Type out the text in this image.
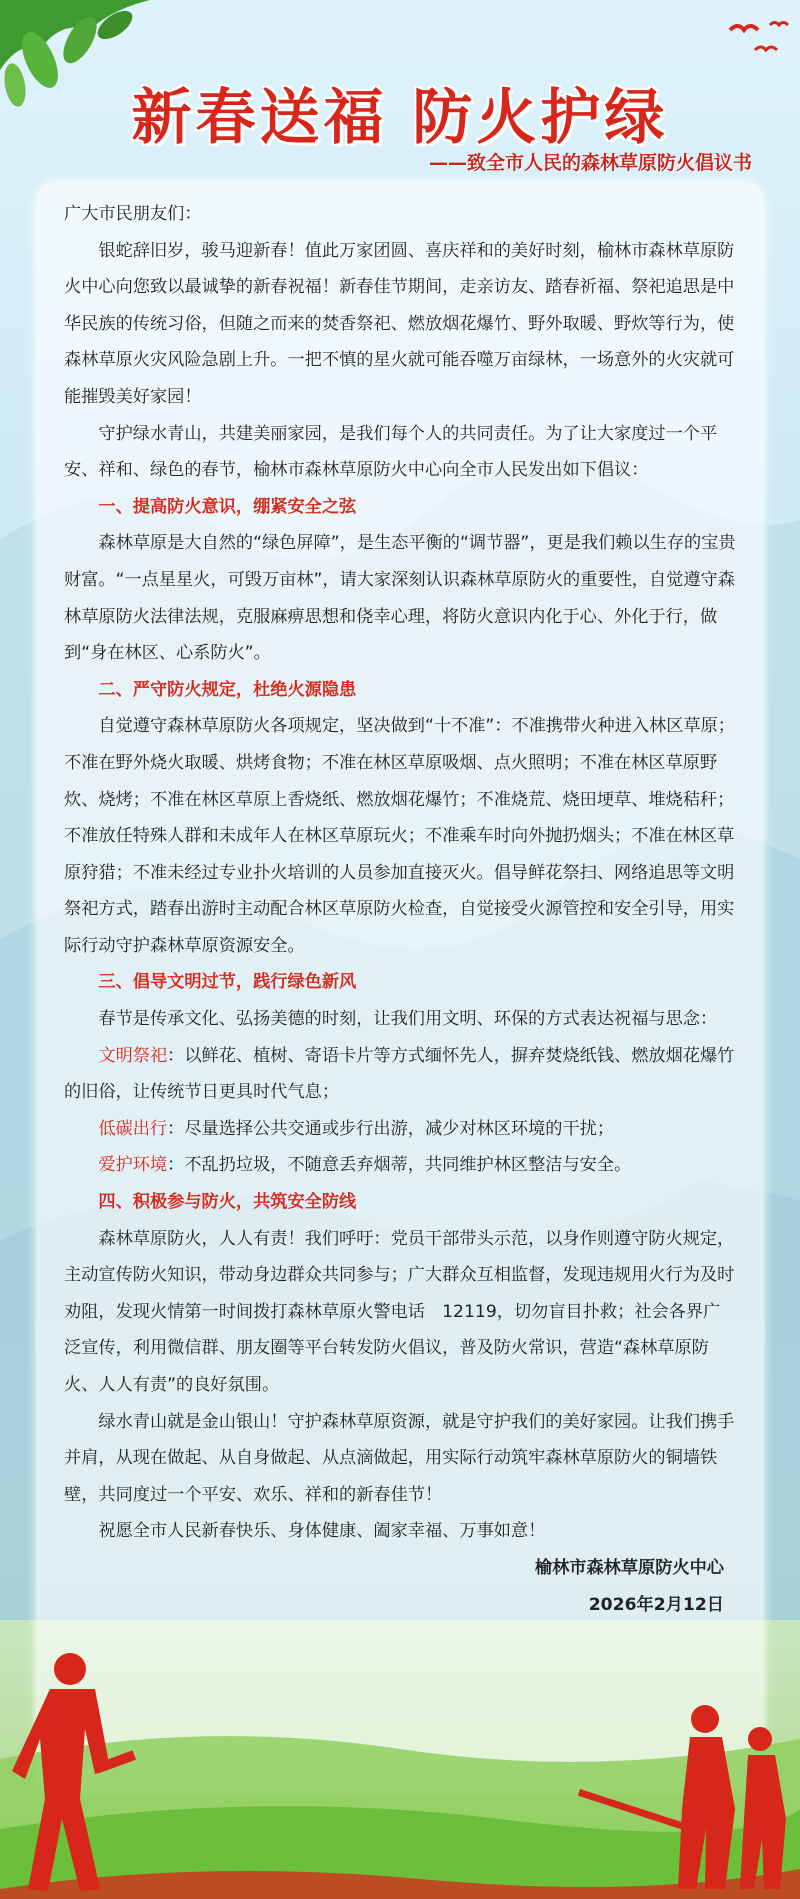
新春送福 防火护绿
——致全市人民的森林草原防火倡议书

广大市民朋友们：

银蛇辞旧岁，骏马迎新春！值此万家团圆、喜庆祥和的美好时刻，榆林市森林草原防火中心向您致以最诚挚的新春祝福！新春佳节期间，走亲访友、踏春祈福、祭祀追思是中华民族的传统习俗，但随之而来的焚香祭祀、燃放烟花爆竹、野外取暖、野炊等行为，使森林草原火灾风险急剧上升。一把不慎的星火就可能吞噬万亩绿林，一场意外的火灾就可能摧毁美好家园！

守护绿水青山，共建美丽家园，是我们每个人的共同责任。为了让大家度过一个平安、祥和、绿色的春节，榆林市森林草原防火中心向全市人民发出如下倡议：

一、提高防火意识，绷紧安全之弦

森林草原是大自然的“绿色屏障”，是生态平衡的“调节器”，更是我们赖以生存的宝贵财富。“一点星星火，可毁万亩林”，请大家深刻认识森林草原防火的重要性，自觉遵守森林草原防火法律法规，克服麻痹思想和侥幸心理，将防火意识内化于心、外化于行，做到“身在林区、心系防火”。

二、严守防火规定，杜绝火源隐患

自觉遵守森林草原防火各项规定，坚决做到“十不准”：不准携带火种进入林区草原；不准在野外烧火取暖、烘烤食物；不准在林区草原吸烟、点火照明；不准在林区草原野炊、烧烤；不准在林区草原上香烧纸、燃放烟花爆竹；不准烧荒、烧田埂草、堆烧秸秆；不准放任特殊人群和未成年人在林区草原玩火；不准乘车时向外抛扔烟头；不准在林区草原狩猎；不准未经过专业扑火培训的人员参加直接灭火。倡导鲜花祭扫、网络追思等文明祭祀方式，踏春出游时主动配合林区草原防火检查，自觉接受火源管控和安全引导，用实际行动守护森林草原资源安全。

三、倡导文明过节，践行绿色新风

春节是传承文化、弘扬美德的时刻，让我们用文明、环保的方式表达祝福与思念：

文明祭祀：以鲜花、植树、寄语卡片等方式缅怀先人，摒弃焚烧纸钱、燃放烟花爆竹的旧俗，让传统节日更具时代气息；

低碳出行：尽量选择公共交通或步行出游，减少对林区环境的干扰；

爱护环境：不乱扔垃圾，不随意丢弃烟蒂，共同维护林区整洁与安全。

四、积极参与防火，共筑安全防线

森林草原防火，人人有责！我们呼吁：党员干部带头示范，以身作则遵守防火规定，主动宣传防火知识，带动身边群众共同参与；广大群众互相监督，发现违规用火行为及时劝阻，发现火情第一时间拨打森林草原火警电话　12119，切勿盲目扑救；社会各界广泛宣传，利用微信群、朋友圈等平台转发防火倡议，普及防火常识，营造“森林草原防火、人人有责”的良好氛围。

绿水青山就是金山银山！守护森林草原资源，就是守护我们的美好家园。让我们携手并肩，从现在做起、从自身做起、从点滴做起，用实际行动筑牢森林草原防火的铜墙铁壁，共同度过一个平安、欢乐、祥和的新春佳节！

祝愿全市人民新春快乐、身体健康、阖家幸福、万事如意！

榆林市森林草原防火中心

2026年2月12日
